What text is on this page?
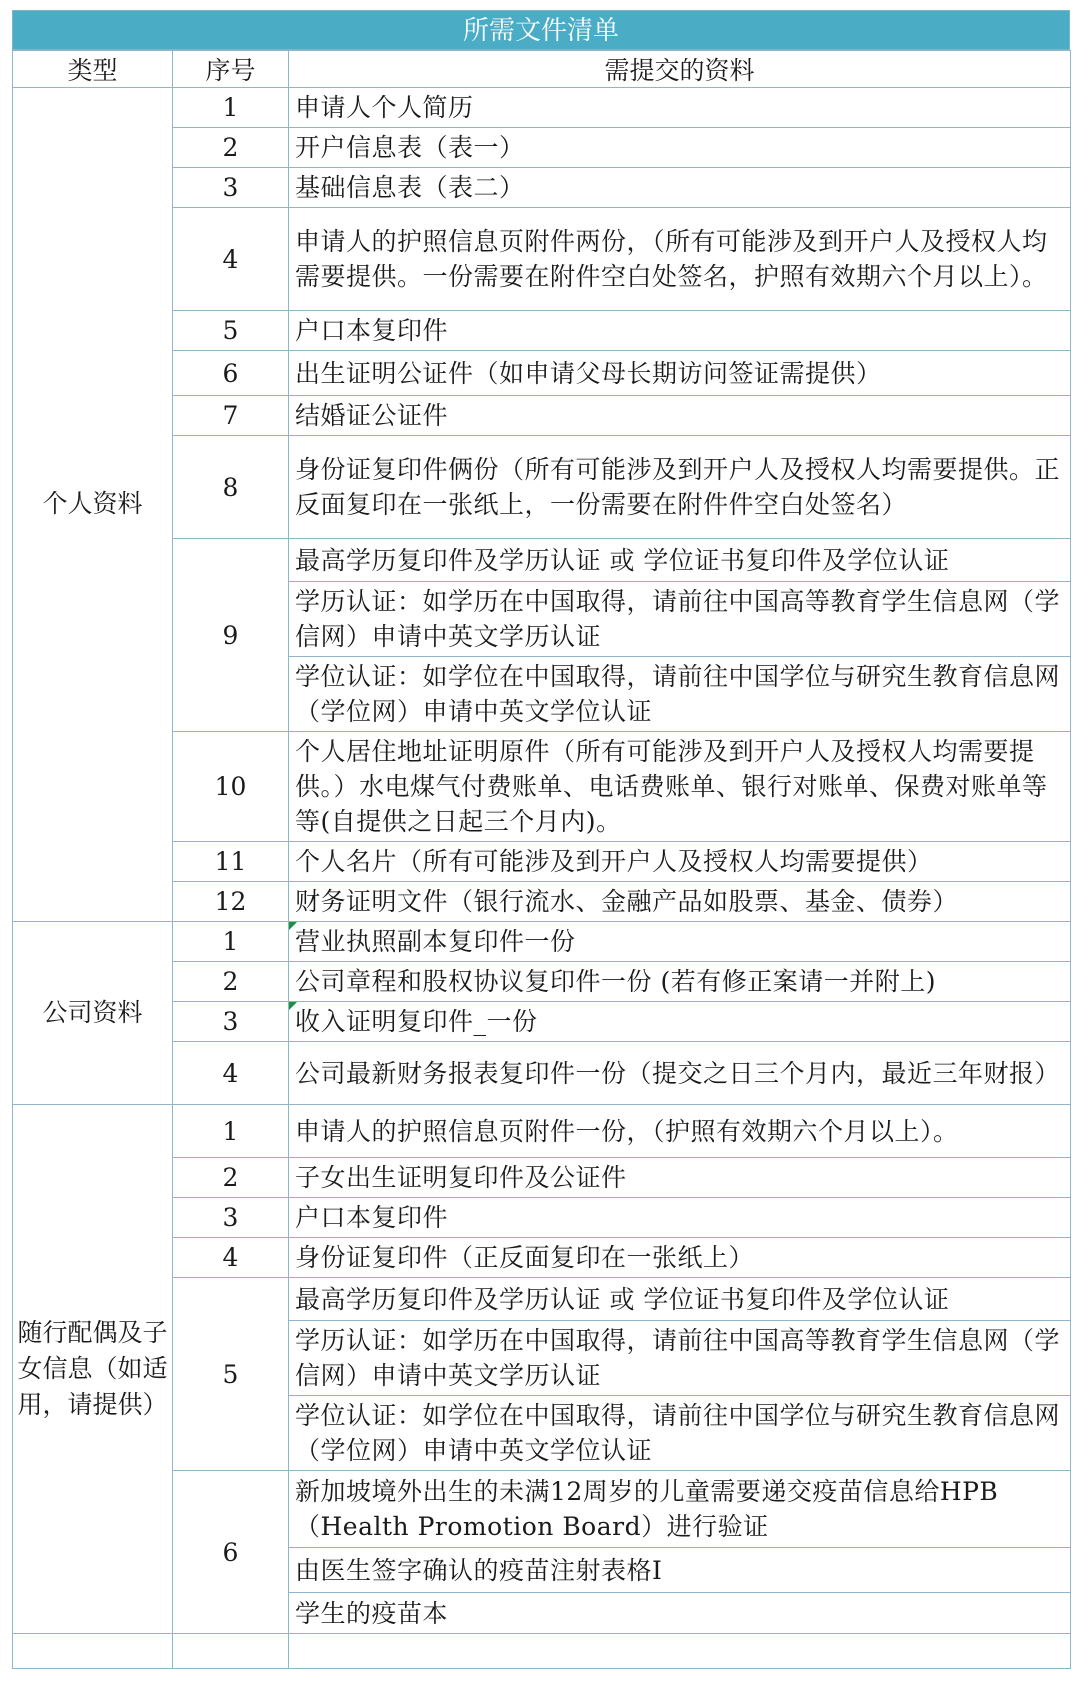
所需文件清单
类型	序号	需提交的资料
个人资料	1	申请人个人简历
	2	开户信息表（表一）
	3	基础信息表（表二）
	4	申请人的护照信息页附件两份，（所有可能涉及到开户人及授权人均需要提供。一份需要在附件空白处签名，护照有效期六个月以上）。
	5	户口本复印件
	6	出生证明公证件（如申请父母长期访问签证需提供）
	7	结婚证公证件
	8	身份证复印件俩份（所有可能涉及到开户人及授权人均需要提供。正反面复印在一张纸上，一份需要在附件件空白处签名）
	9	最高学历复印件及学历认证 或 学位证书复印件及学位认证
		学历认证：如学历在中国取得，请前往中国高等教育学生信息网（学信网）申请中英文学历认证
		学位认证：如学位在中国取得，请前往中国学位与研究生教育信息网（学位网）申请中英文学位认证
	10	个人居住地址证明原件（所有可能涉及到开户人及授权人均需要提供。）水电煤气付费账单、电话费账单、银行对账单、保费对账单等等(自提供之日起三个月内)。
	11	个人名片（所有可能涉及到开户人及授权人均需要提供）
	12	财务证明文件（银行流水、金融产品如股票、基金、债券）
公司资料	1	营业执照副本复印件一份
	2	公司章程和股权协议复印件一份 (若有修正案请一并附上)
	3	收入证明复印件_一份
	4	公司最新财务报表复印件一份（提交之日三个月内，最近三年财报）
随行配偶及子女信息（如适用，请提供）	1	申请人的护照信息页附件一份，（护照有效期六个月以上）。
	2	子女出生证明复印件及公证件
	3	户口本复印件
	4	身份证复印件（正反面复印在一张纸上）
	5	最高学历复印件及学历认证 或 学位证书复印件及学位认证
		学历认证：如学历在中国取得，请前往中国高等教育学生信息网（学信网）申请中英文学历认证
		学位认证：如学位在中国取得，请前往中国学位与研究生教育信息网（学位网）申请中英文学位认证
	6	新加坡境外出生的未满12周岁的儿童需要递交疫苗信息给HPB（Health Promotion Board）进行验证
		由医生签字确认的疫苗注射表格Ⅰ
		学生的疫苗本
